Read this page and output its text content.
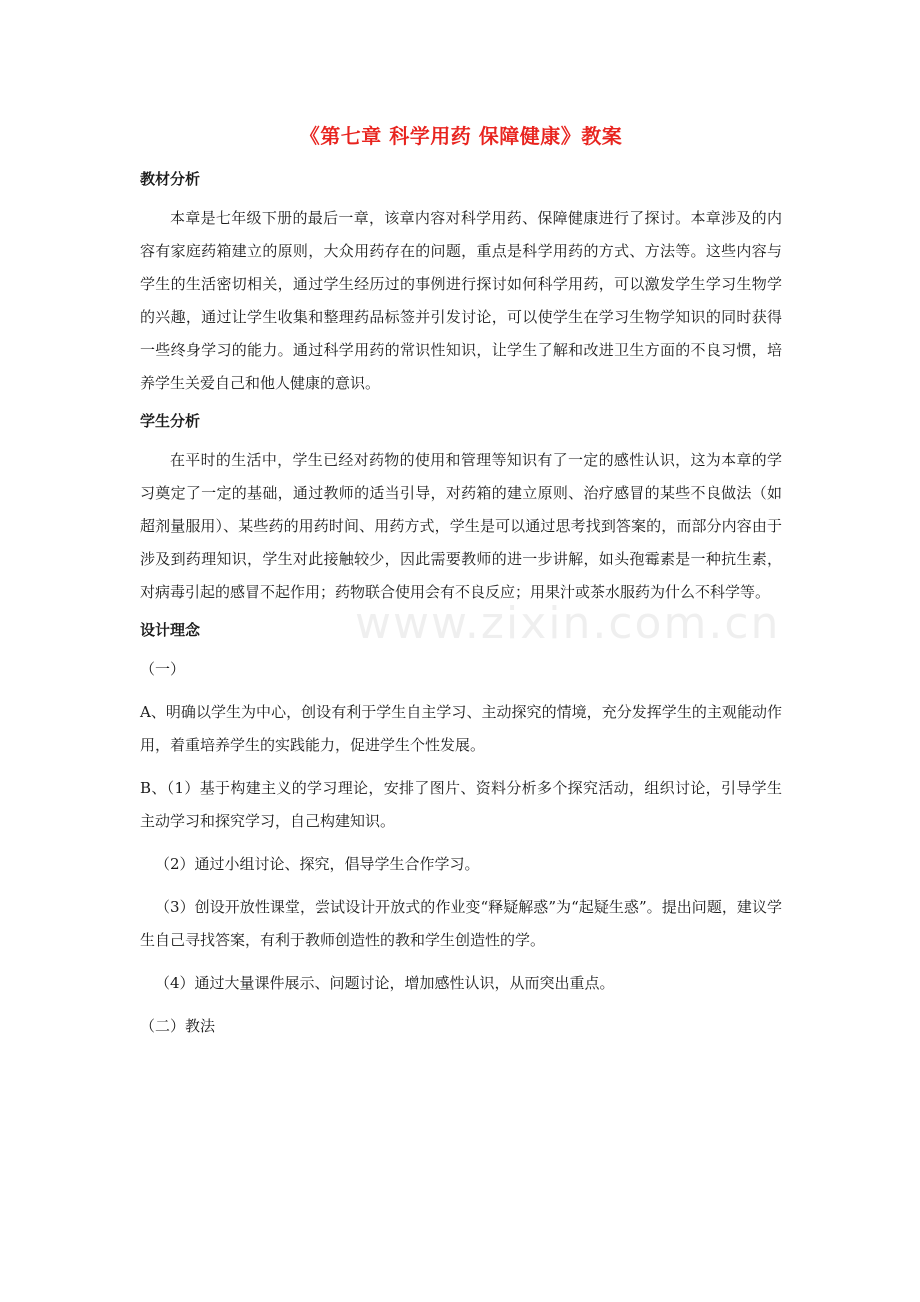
www.zixin.com.cn
《第七章 科学用药 保障健康》教案
教材分析

本章是七年级下册的最后一章，该章内容对科学用药、保障健康进行了探讨。本章涉及的内容有家庭药箱建立的原则，大众用药存在的问题，重点是科学用药的方式、方法等。这些内容与学生的生活密切相关，通过学生经历过的事例进行探讨如何科学用药，可以激发学生学习生物学的兴趣，通过让学生收集和整理药品标签并引发讨论，可以使学生在学习生物学知识的同时获得一些终身学习的能力。通过科学用药的常识性知识，让学生了解和改进卫生方面的不良习惯，培养学生关爱自己和他人健康的意识。

学生分析

在平时的生活中，学生已经对药物的使用和管理等知识有了一定的感性认识，这为本章的学习奠定了一定的基础，通过教师的适当引导，对药箱的建立原则、治疗感冒的某些不良做法（如超剂量服用）、某些药的用药时间、用药方式，学生是可以通过思考找到答案的，而部分内容由于涉及到药理知识，学生对此接触较少，因此需要教师的进一步讲解，如头孢霉素是一种抗生素，对病毒引起的感冒不起作用；药物联合使用会有不良反应；用果汁或茶水服药为什么不科学等。

设计理念
（一）

A、明确以学生为中心，创设有利于学生自主学习、主动探究的情境，充分发挥学生的主观能动作用，着重培养学生的实践能力，促进学生个性发展。

B、（1）基于构建主义的学习理论，安排了图片、资料分析多个探究活动，组织讨论，引导学生主动学习和探究学习，自己构建知识。

（2）通过小组讨论、探究，倡导学生合作学习。

（3）创设开放性课堂，尝试设计开放式的作业变“释疑解惑”为“起疑生惑”。提出问题，建议学生自己寻找答案，有利于教师创造性的教和学生创造性的学。

（4）通过大量课件展示、问题讨论，增加感性认识，从而突出重点。

（二）教法
